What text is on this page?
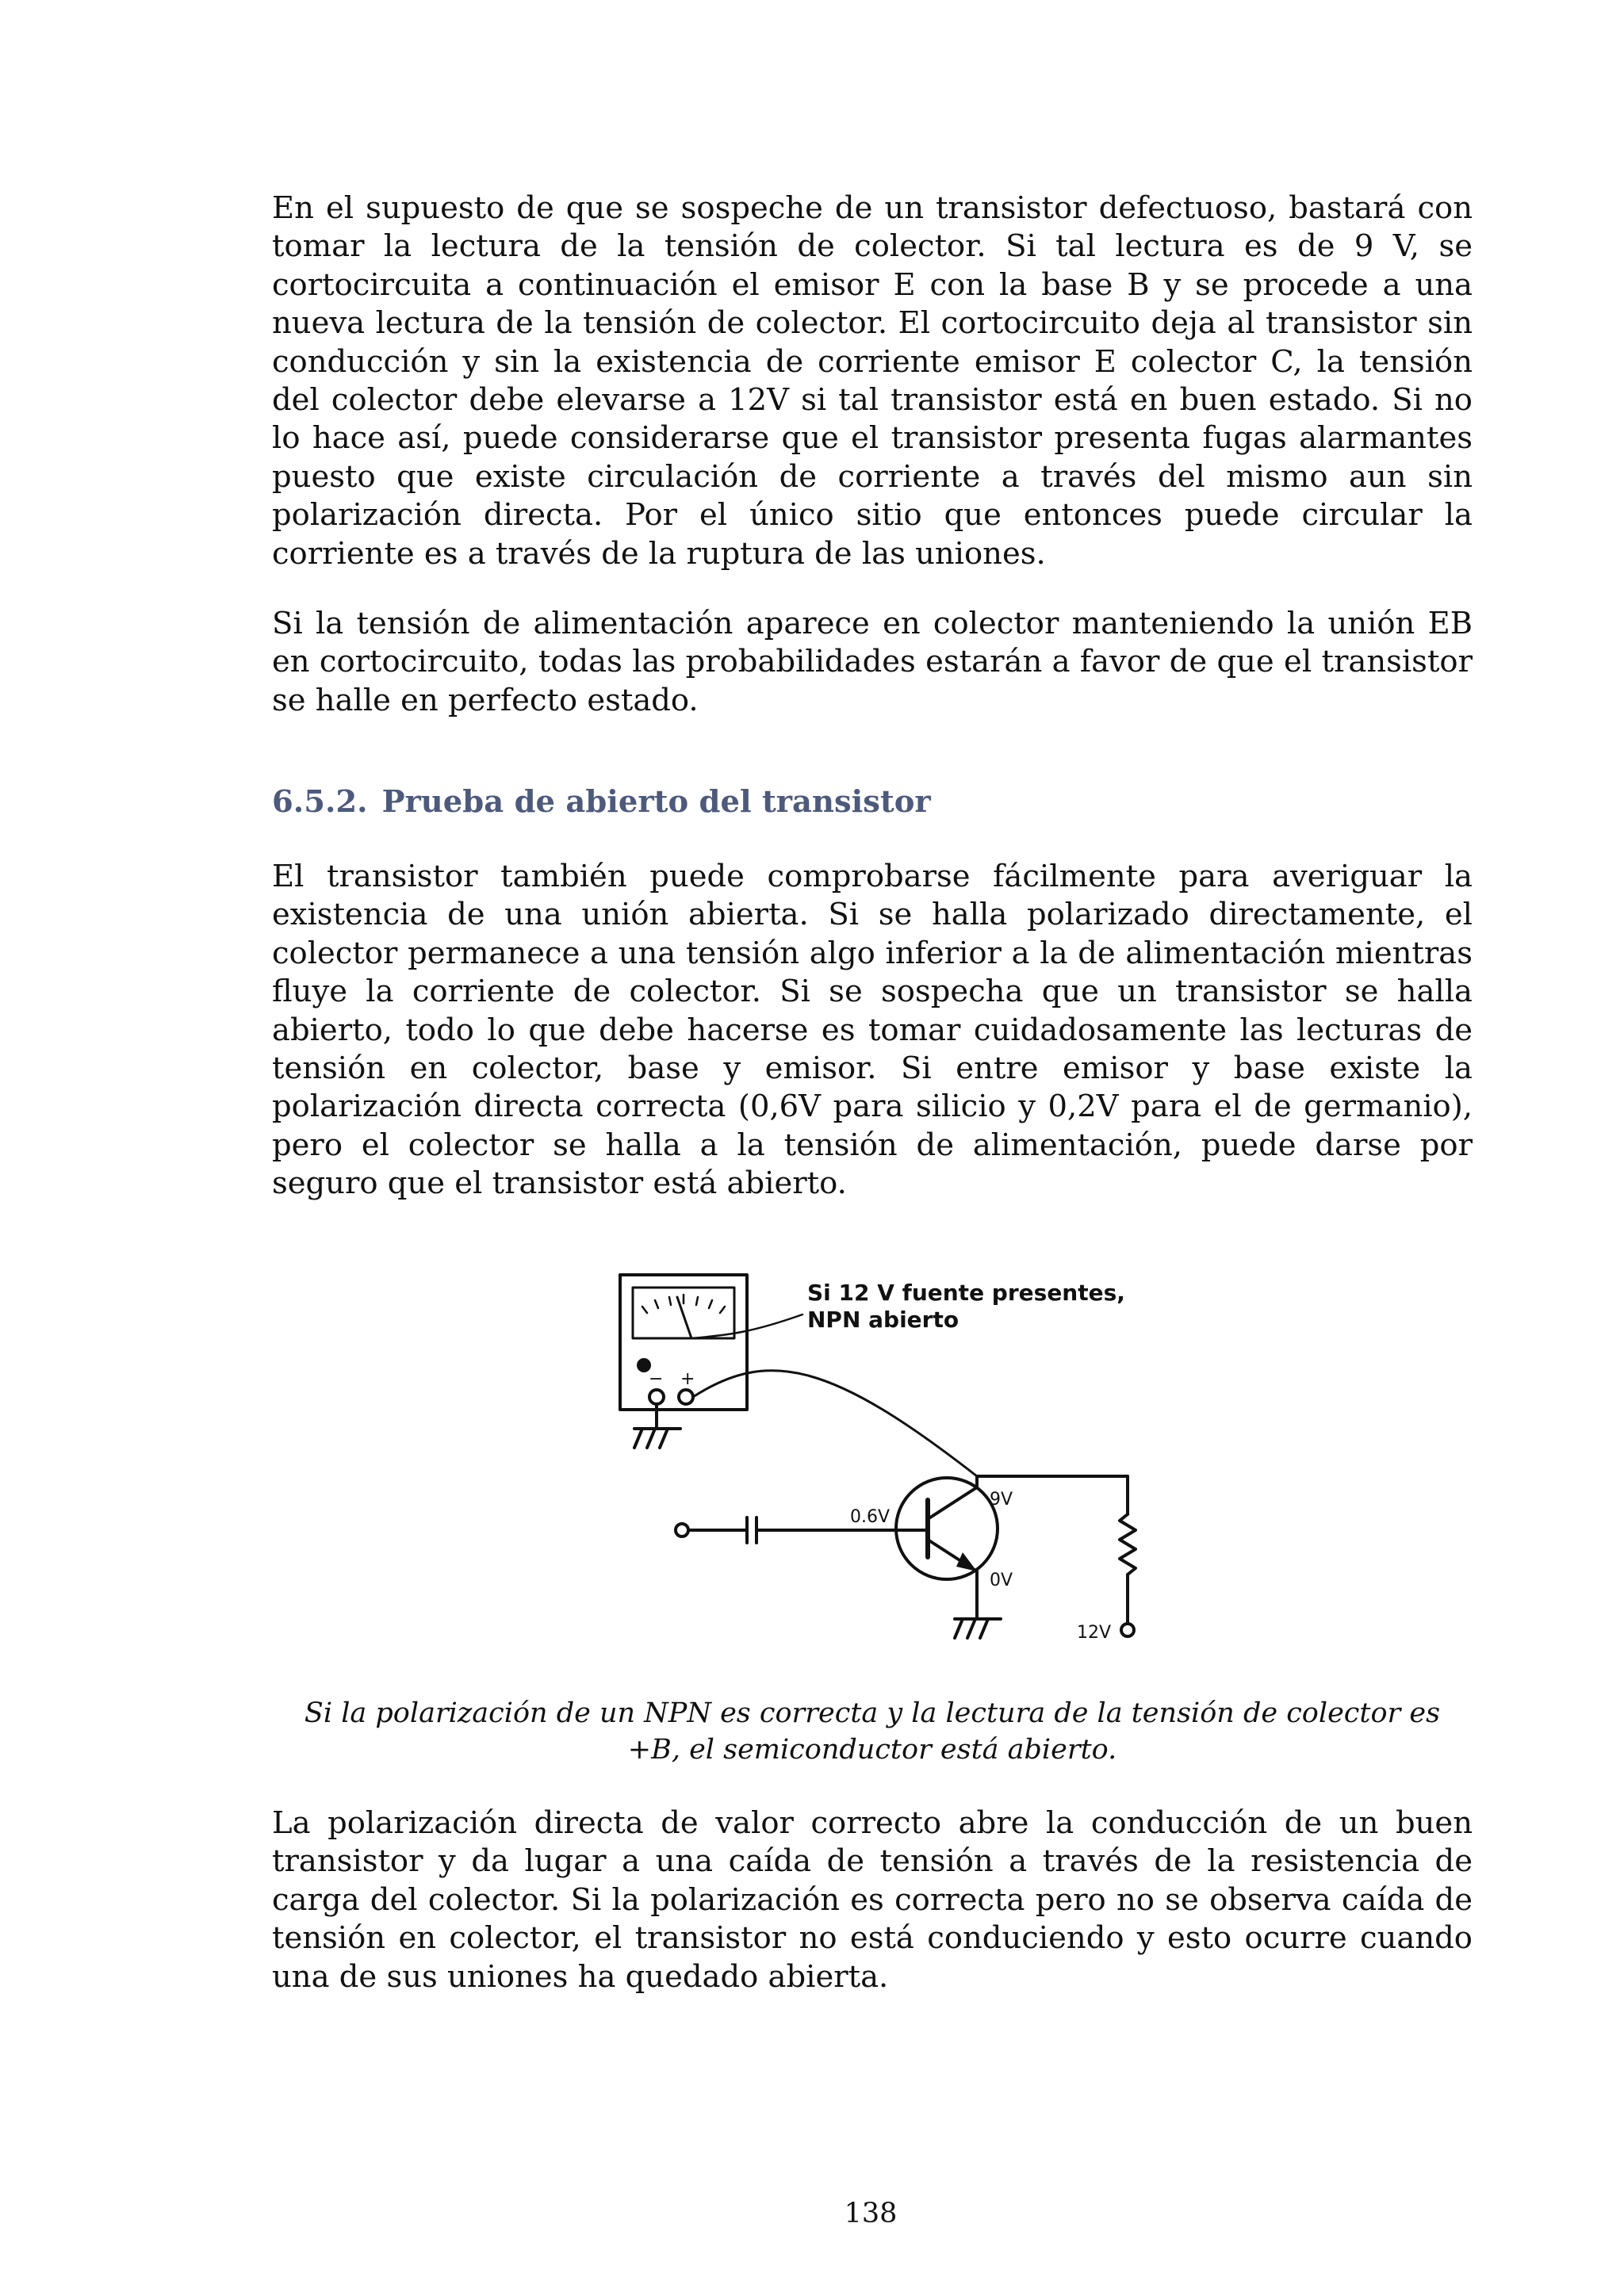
En el supuesto de que se sospeche de un transistor defectuoso, bastará con tomar la lectura de la tensión de colector. Si tal lectura es de 9 V, se cortocircuita a continuación el emisor E con la base B y se procede a una nueva lectura de la tensión de colector. El cortocircuito deja al transistor sin conducción y sin la existencia de corriente emisor E colector C, la tensión del colector debe elevarse a 12V si tal transistor está en buen estado. Si no lo hace así, puede considerarse que el transistor presenta fugas alarmantes puesto que existe circulación de corriente a través del mismo aun sin polarización directa. Por el único sitio que entonces puede circular la corriente es a través de la ruptura de las uniones.

Si la tensión de alimentación aparece en colector manteniendo la unión EB en cortocircuito, todas las probabilidades estarán a favor de que el transistor se halle en perfecto estado.

6.5.2. Prueba de abierto del transistor

El transistor también puede comprobarse fácilmente para averiguar la existencia de una unión abierta. Si se halla polarizado directamente, el colector permanece a una tensión algo inferior a la de alimentación mientras fluye la corriente de colector. Si se sospecha que un transistor se halla abierto, todo lo que debe hacerse es tomar cuidadosamente las lecturas de tensión en colector, base y emisor. Si entre emisor y base existe la polarización directa correcta (0,6V para silicio y 0,2V para el de germanio), pero el colector se halla a la tensión de alimentación, puede darse por seguro que el transistor está abierto.

Si 12 V fuente presentes,
NPN abierto
− +
0.6V
9V
0V
12V

Si la polarización de un NPN es correcta y la lectura de la tensión de colector es
+B, el semiconductor está abierto.

La polarización directa de valor correcto abre la conducción de un buen transistor y da lugar a una caída de tensión a través de la resistencia de carga del colector. Si la polarización es correcta pero no se observa caída de tensión en colector, el transistor no está conduciendo y esto ocurre cuando una de sus uniones ha quedado abierta.

138
